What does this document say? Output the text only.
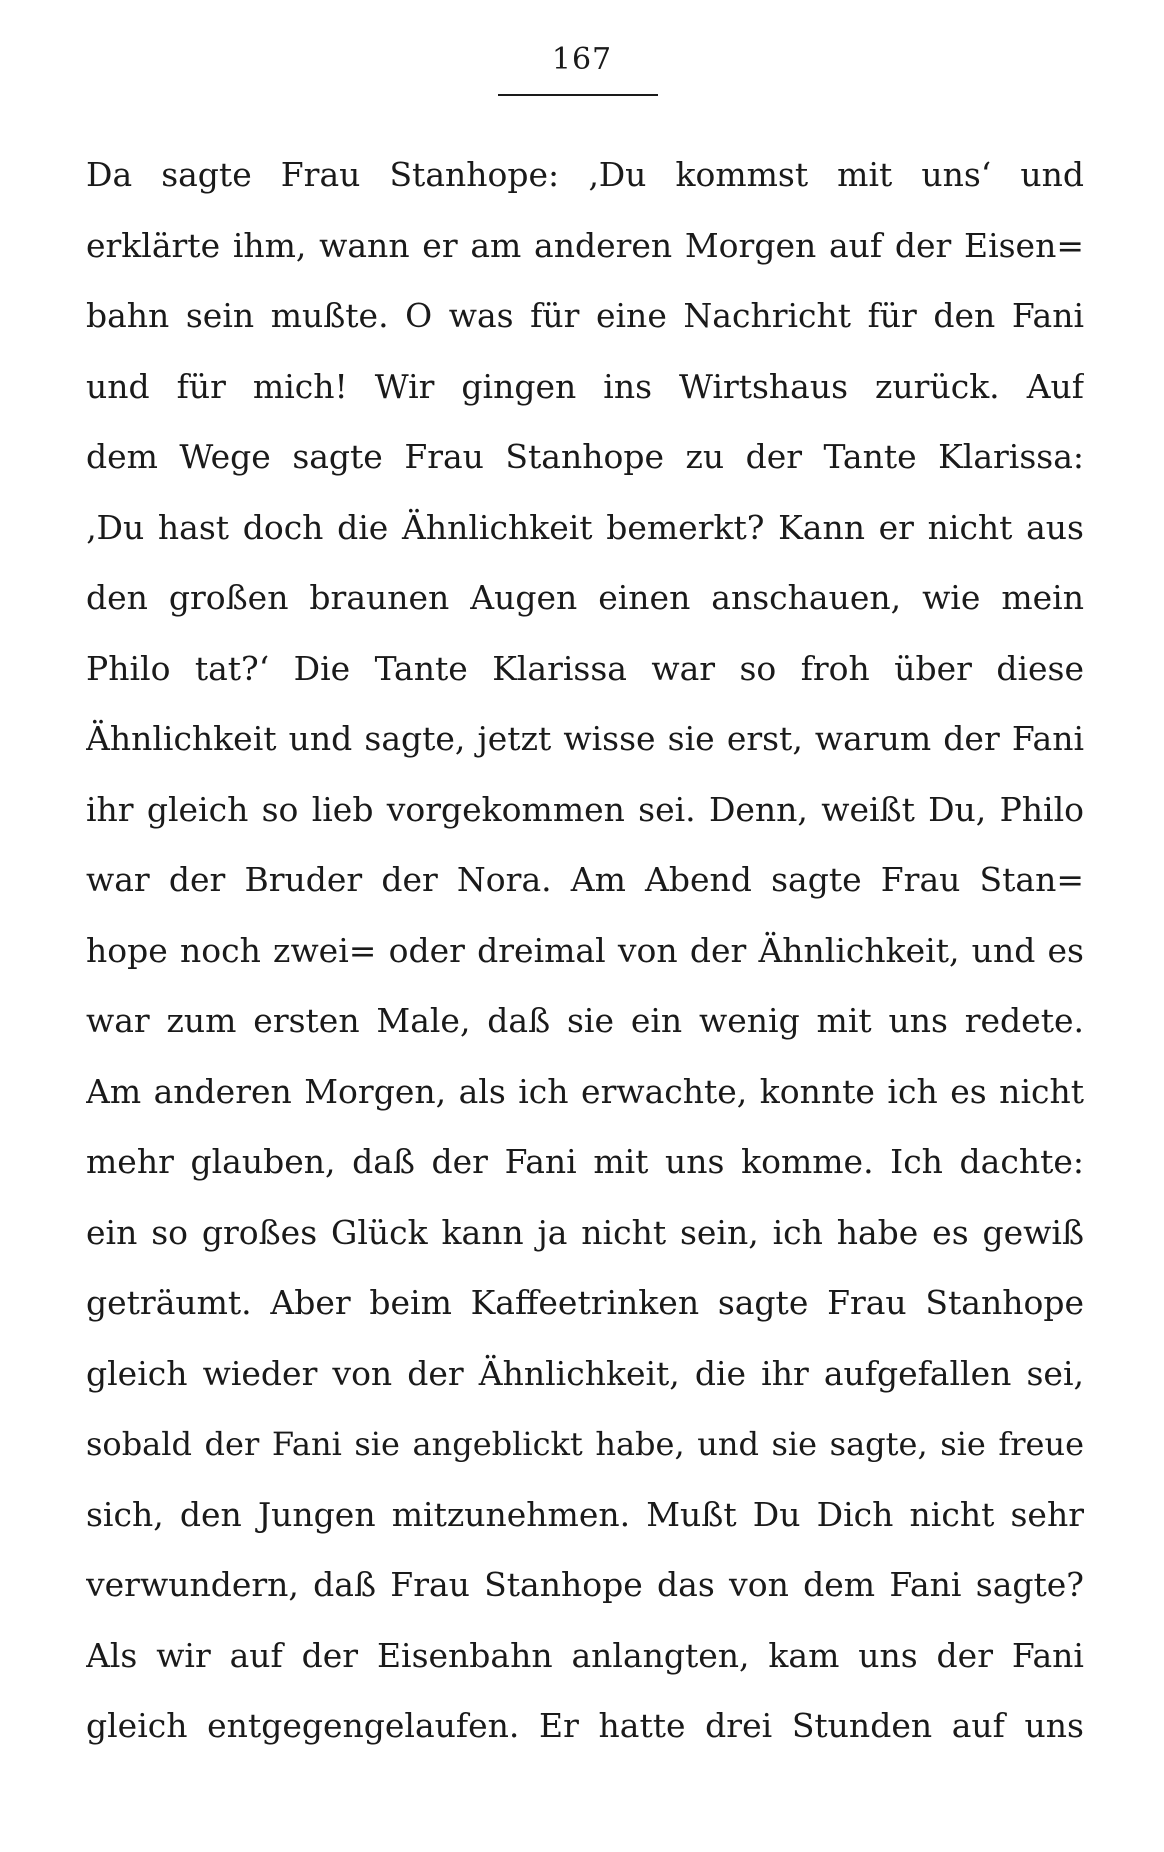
167
Da sagte Frau Stanhope: ‚Du kommst mit uns‘ und
erklärte ihm, wann er am anderen Morgen auf der Eisen=
bahn sein mußte. O was für eine Nachricht für den Fani
und für mich! Wir gingen ins Wirtshaus zurück. Auf
dem Wege sagte Frau Stanhope zu der Tante Klarissa:
‚Du hast doch die Ähnlichkeit bemerkt? Kann er nicht aus
den großen braunen Augen einen anschauen, wie mein
Philo tat?‘ Die Tante Klarissa war so froh über diese
Ähnlichkeit und sagte, jetzt wisse sie erst, warum der Fani
ihr gleich so lieb vorgekommen sei. Denn, weißt Du, Philo
war der Bruder der Nora. Am Abend sagte Frau Stan=
hope noch zwei= oder dreimal von der Ähnlichkeit, und es
war zum ersten Male, daß sie ein wenig mit uns redete.
Am anderen Morgen, als ich erwachte, konnte ich es nicht
mehr glauben, daß der Fani mit uns komme. Ich dachte:
ein so großes Glück kann ja nicht sein, ich habe es gewiß
geträumt. Aber beim Kaffeetrinken sagte Frau Stanhope
gleich wieder von der Ähnlichkeit, die ihr aufgefallen sei,
sobald der Fani sie angeblickt habe, und sie sagte, sie freue
sich, den Jungen mitzunehmen. Mußt Du Dich nicht sehr
verwundern, daß Frau Stanhope das von dem Fani sagte?
Als wir auf der Eisenbahn anlangten, kam uns der Fani
gleich entgegengelaufen. Er hatte drei Stunden auf uns
